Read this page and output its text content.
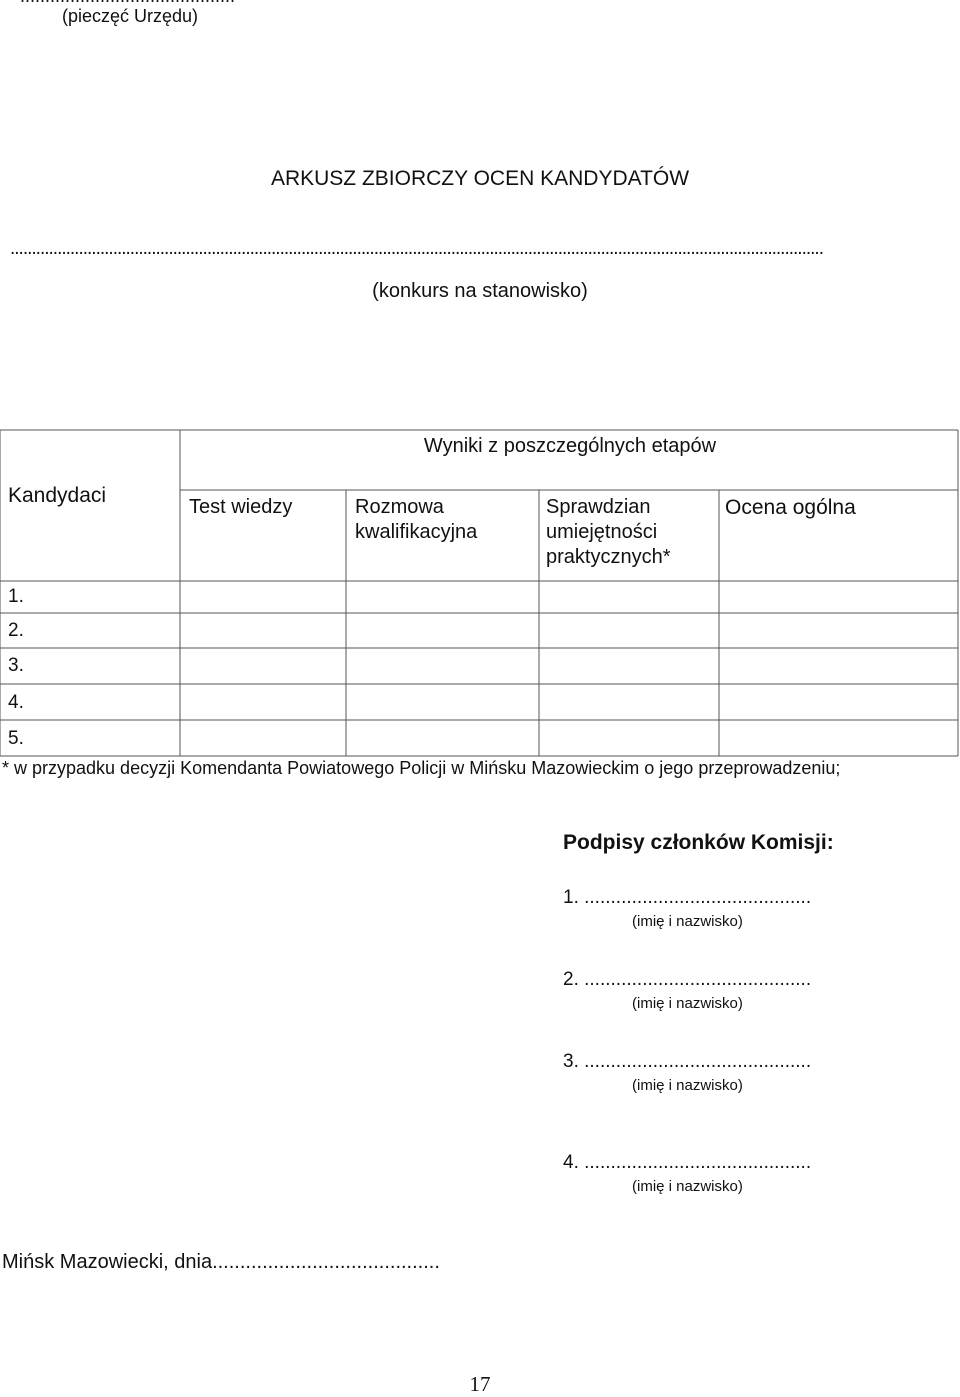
(pieczęć Urzędu)
ARKUSZ ZBIORCZY OCEN KANDYDATÓW
..............................................................................................................................................................................................
(konkurs na stanowisko)
Wyniki z poszczególnych etapów
Kandydaci	Test wiedzy	Rozmowa
kwalifikacyjna
Sprawdzian
umiejętności
praktycznych*
Ocena ogólna
1.
2.
3.
4.
5.
* w przypadku decyzji Komendanta Powiatowego Policji w Mińsku Mazowieckim o jego przeprowadzeniu;
Podpisy członków Komisji:
1. ...........................................
(imię i nazwisko)
2. ...........................................
(imię i nazwisko)
3. ...........................................
(imię i nazwisko)
4. ...........................................
(imię i nazwisko)
Mińsk Mazowiecki, dnia.........................................
17
